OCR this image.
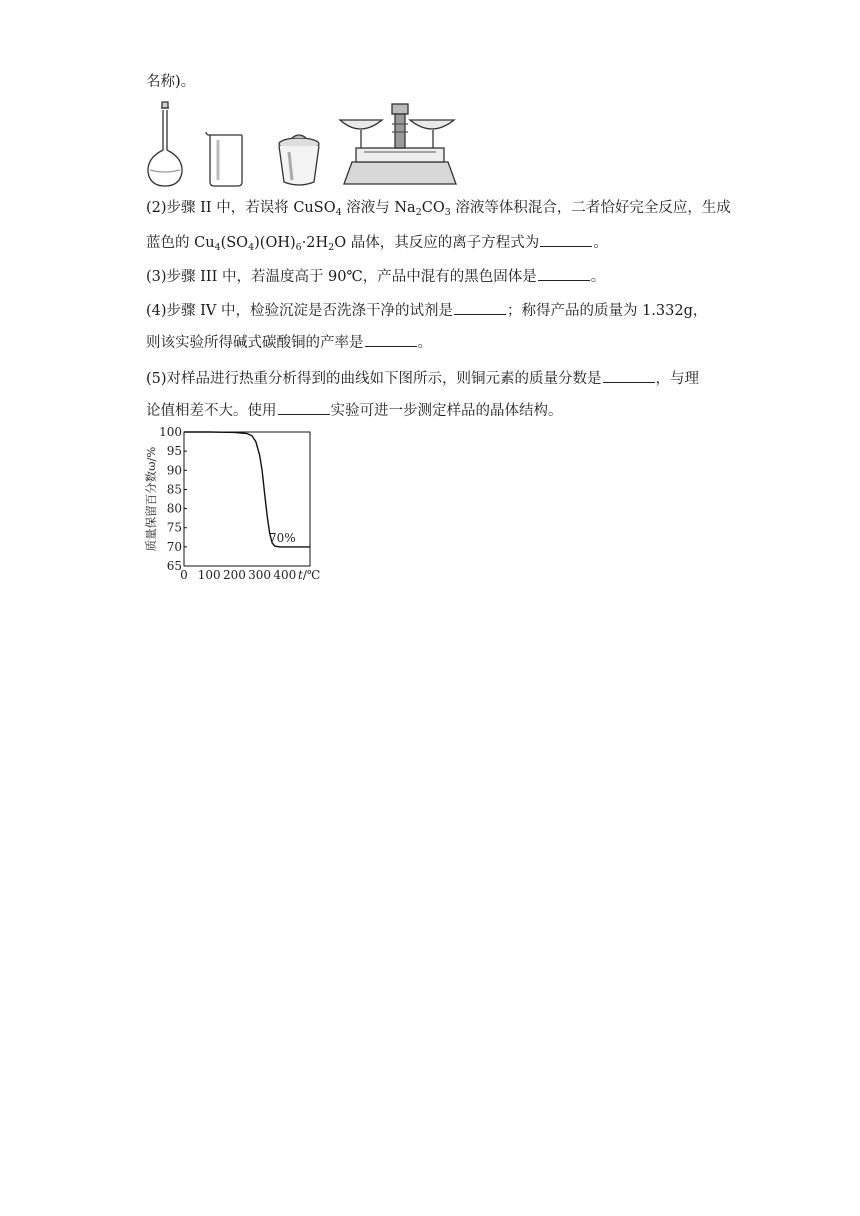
名称)。
(2)步骤 II 中，若误将 CuSO$_4$ 溶液与 $Na_2CO_3$ 溶液等体积混合，二者恰好完全反应，生成
蓝色的 $Cu_4(SO_4)(OH)_6\cdot 2H_2O$ 晶体，其反应的离子方程式为	。
(3)步骤 III 中，若温度高于 90℃，产品中混有的黑色固体是	。
(4)步骤 IV 中，检验沉淀是否洗涤干净的试剂是	；称得产品的质量为 1.332g，
则该实验所得碱式碳酸铜的产率是	。
(5)对样品进行热重分析得到的曲线如下图所示，则铜元素的质量分数是	，与理
论值相差不大。使用	实验可进一步测定样品的晶体结构。
65
70
75
80
85
90
95
100
0 100 200 300 400
70%
质量保留百分数ω/%
t/℃
